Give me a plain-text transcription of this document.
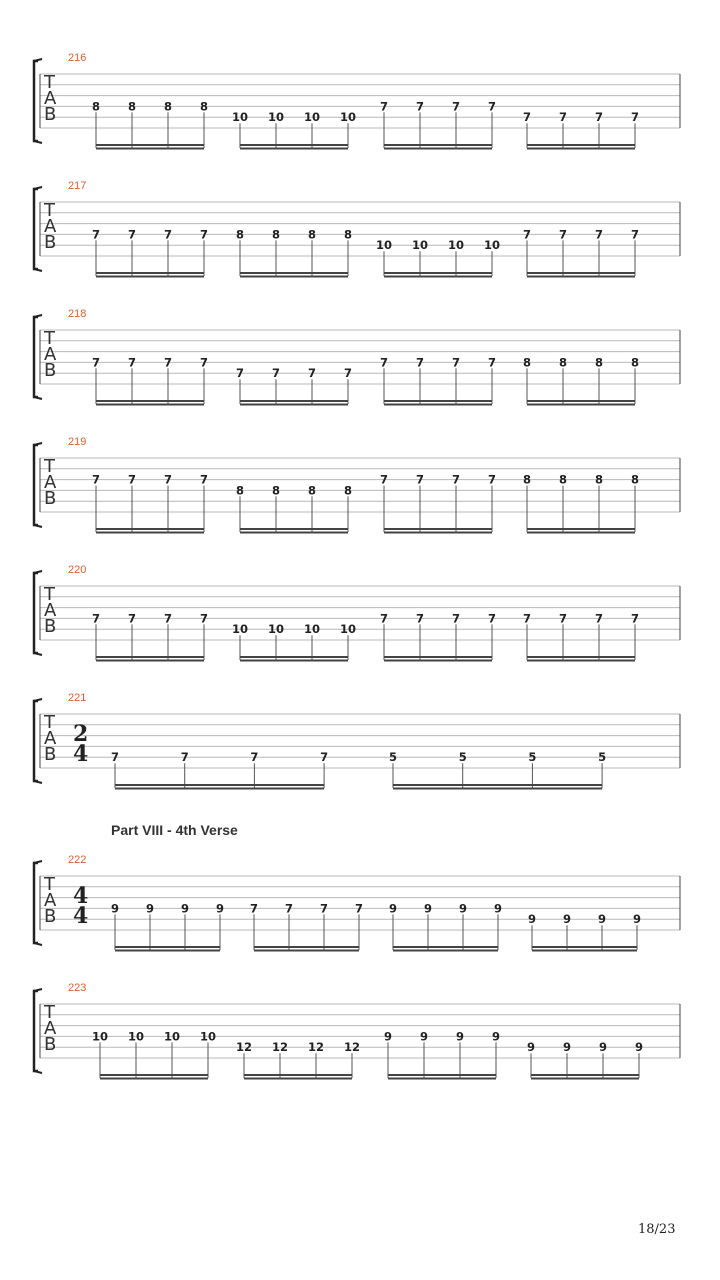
T
A
B
216
8 8 8 8
10 10 10 10
7 7 7 7
7 7 7 7
T
A
B
217
7 7 7 7 8 8 8 8
10 10 10 10
7 7 7 7
T
A
B
218
7 7 7 7
7 7 7 7
7 7 7 7 8 8 8 8
T
A
B
219
7 7 7 7
8 8 8 8
7 7 7 7 8 8 8 8
T
A
B
220
7 7 7 7
10 10 10 10
7 7 7 7 7 7 7 7
T
A
B
221
2
4 7	7	7	7	5	5	5	5
T
A
B
222
4
4 9 9 9 9 7 7 7 7 9 9 9 9
9 9 9 9
T
A
B
223
10 10 10 10
12 12 12 12
9 9 9 9
9 9 9 9
Part VIII - 4th Verse
18/23
